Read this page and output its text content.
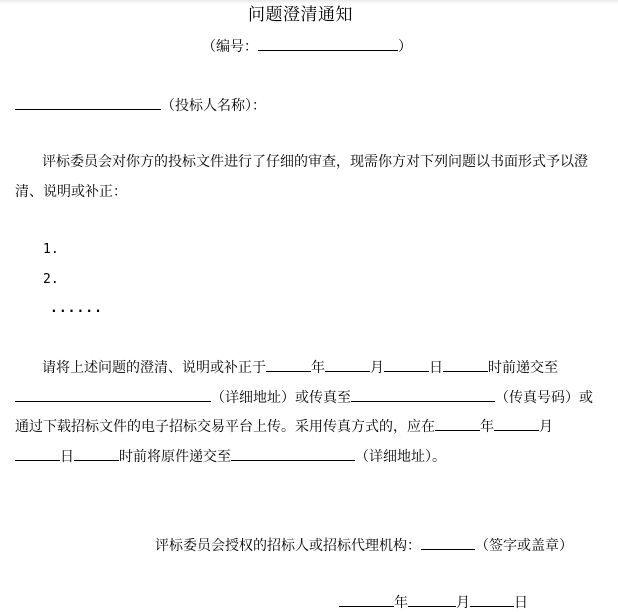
问题澄清通知
（编号：	）
（投标人名称）：
评标委员会对你方的投标文件进行了仔细的审查，现需你方对下列问题以书面形式予以澄
清、说明或补正：
1.
2.
......
请将上述问题的澄清、说明或补正于	年	月	日	时前递交至
（详细地址）或传真至	（传真号码）或
通过下载招标文件的电子招标交易平台上传。采用传真方式的，应在	年	月
日	时前将原件递交至	（详细地址）。
评标委员会授权的招标人或招标代理机构：	（签字或盖章）
年	月	日
